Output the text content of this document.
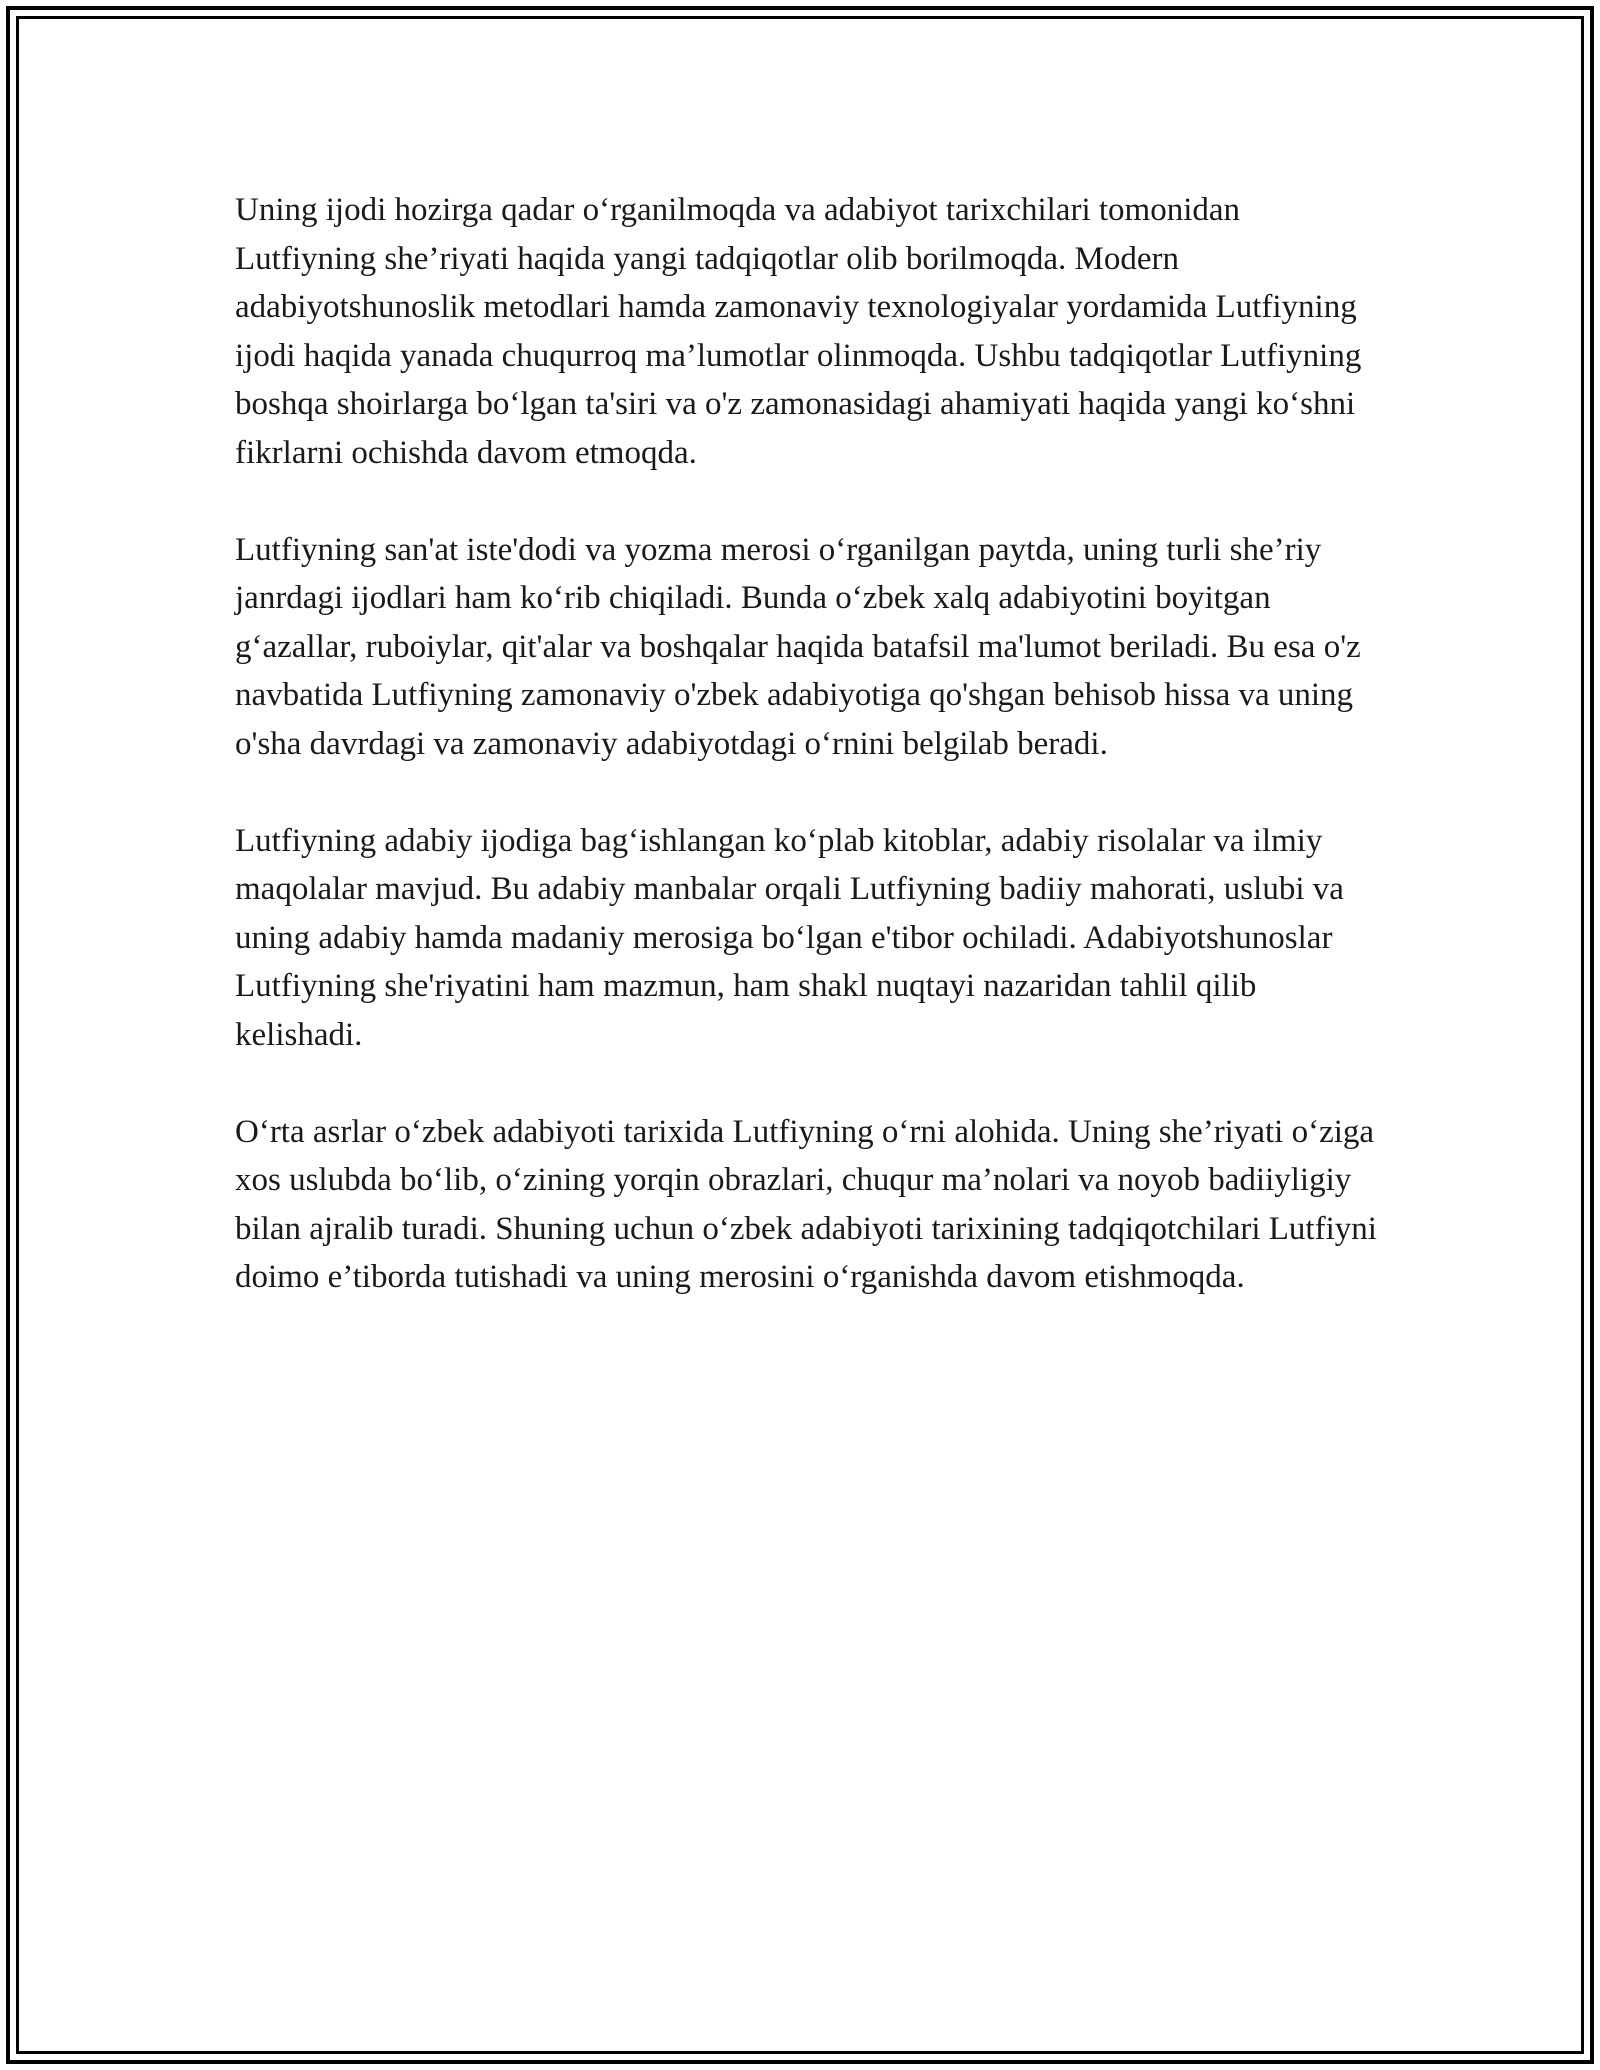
Uning ijodi hozirga qadar o‘rganilmoqda va adabiyot tarixchilari tomonidan Lutfiyning she’riyati haqida yangi tadqiqotlar olib borilmoqda. Modern adabiyotshunoslik metodlari hamda zamonaviy texnologiyalar yordamida Lutfiyning ijodi haqida yanada chuqurroq ma’lumotlar olinmoqda. Ushbu tadqiqotlar Lutfiyning boshqa shoirlarga bo‘lgan ta'siri va o'z zamonasidagi ahamiyati haqida yangi ko‘shni fikrlarni ochishda davom etmoqda.

Lutfiyning san'at iste'dodi va yozma merosi o‘rganilgan paytda, uning turli she’riy janrdagi ijodlari ham ko‘rib chiqiladi. Bunda o‘zbek xalq adabiyotini boyitgan g‘azallar, ruboiylar, qit'alar va boshqalar haqida batafsil ma'lumot beriladi. Bu esa o'z navbatida Lutfiyning zamonaviy o'zbek adabiyotiga qo'shgan behisob hissa va uning o'sha davrdagi va zamonaviy adabiyotdagi o‘rnini belgilab beradi.

Lutfiyning adabiy ijodiga bag‘ishlangan ko‘plab kitoblar, adabiy risolalar va ilmiy maqolalar mavjud. Bu adabiy manbalar orqali Lutfiyning badiiy mahorati, uslubi va uning adabiy hamda madaniy merosiga bo‘lgan e'tibor ochiladi. Adabiyotshunoslar Lutfiyning she'riyatini ham mazmun, ham shakl nuqtayi nazaridan tahlil qilib kelishadi.

O‘rta asrlar o‘zbek adabiyoti tarixida Lutfiyning o‘rni alohida. Uning she’riyati o‘ziga xos uslubda bo‘lib, o‘zining yorqin obrazlari, chuqur ma’nolari va noyob badiiyligiy bilan ajralib turadi. Shuning uchun o‘zbek adabiyoti tarixining tadqiqotchilari Lutfiyni doimo e’tiborda tutishadi va uning merosini o‘rganishda davom etishmoqda.
